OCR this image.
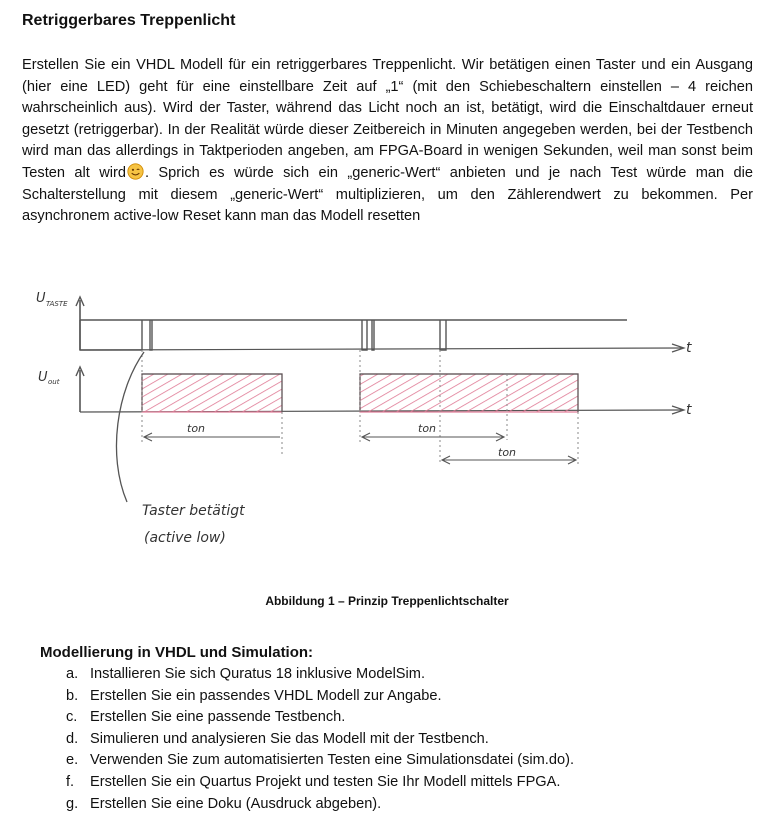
Retriggerbares Treppenlicht
Erstellen Sie ein VHDL Modell für ein retriggerbares Treppenlicht. Wir betätigen einen Taster und ein Ausgang (hier eine LED) geht für eine einstellbare Zeit auf „1“ (mit den Schiebeschaltern einstellen – 4 reichen wahrscheinlich aus). Wird der Taster, während das Licht noch an ist, betätigt, wird die Einschaltdauer erneut gesetzt (retriggerbar). In der Realität würde dieser Zeitbereich in Minuten angegeben werden, bei der Testbench wird man das allerdings in Taktperioden angeben, am FPGA-Board in wenigen Sekunden, weil man sonst beim Testen alt wird . Sprich es würde sich ein „generic-Wert“ anbieten und je nach Test würde man die Schalterstellung mit diesem „generic-Wert“ multiplizieren, um den Zählerendwert zu bekommen. Per asynchronem active-low Reset kann man das Modell resetten
U TASTE
t
U out
t
ton	ton
ton
Taster betätigt
(active low)
Abbildung 1 – Prinzip Treppenlichtschalter
Modellierung in VHDL und Simulation:
a. Installieren Sie sich Quratus 18 inklusive ModelSim.
b. Erstellen Sie ein passendes VHDL Modell zur Angabe.
c. Erstellen Sie eine passende Testbench.
d. Simulieren und analysieren Sie das Modell mit der Testbench.
e. Verwenden Sie zum automatisierten Testen eine Simulationsdatei (sim.do).
f.	Erstellen Sie ein Quartus Projekt und testen Sie Ihr Modell mittels FPGA.
g. Erstellen Sie eine Doku (Ausdruck abgeben).
